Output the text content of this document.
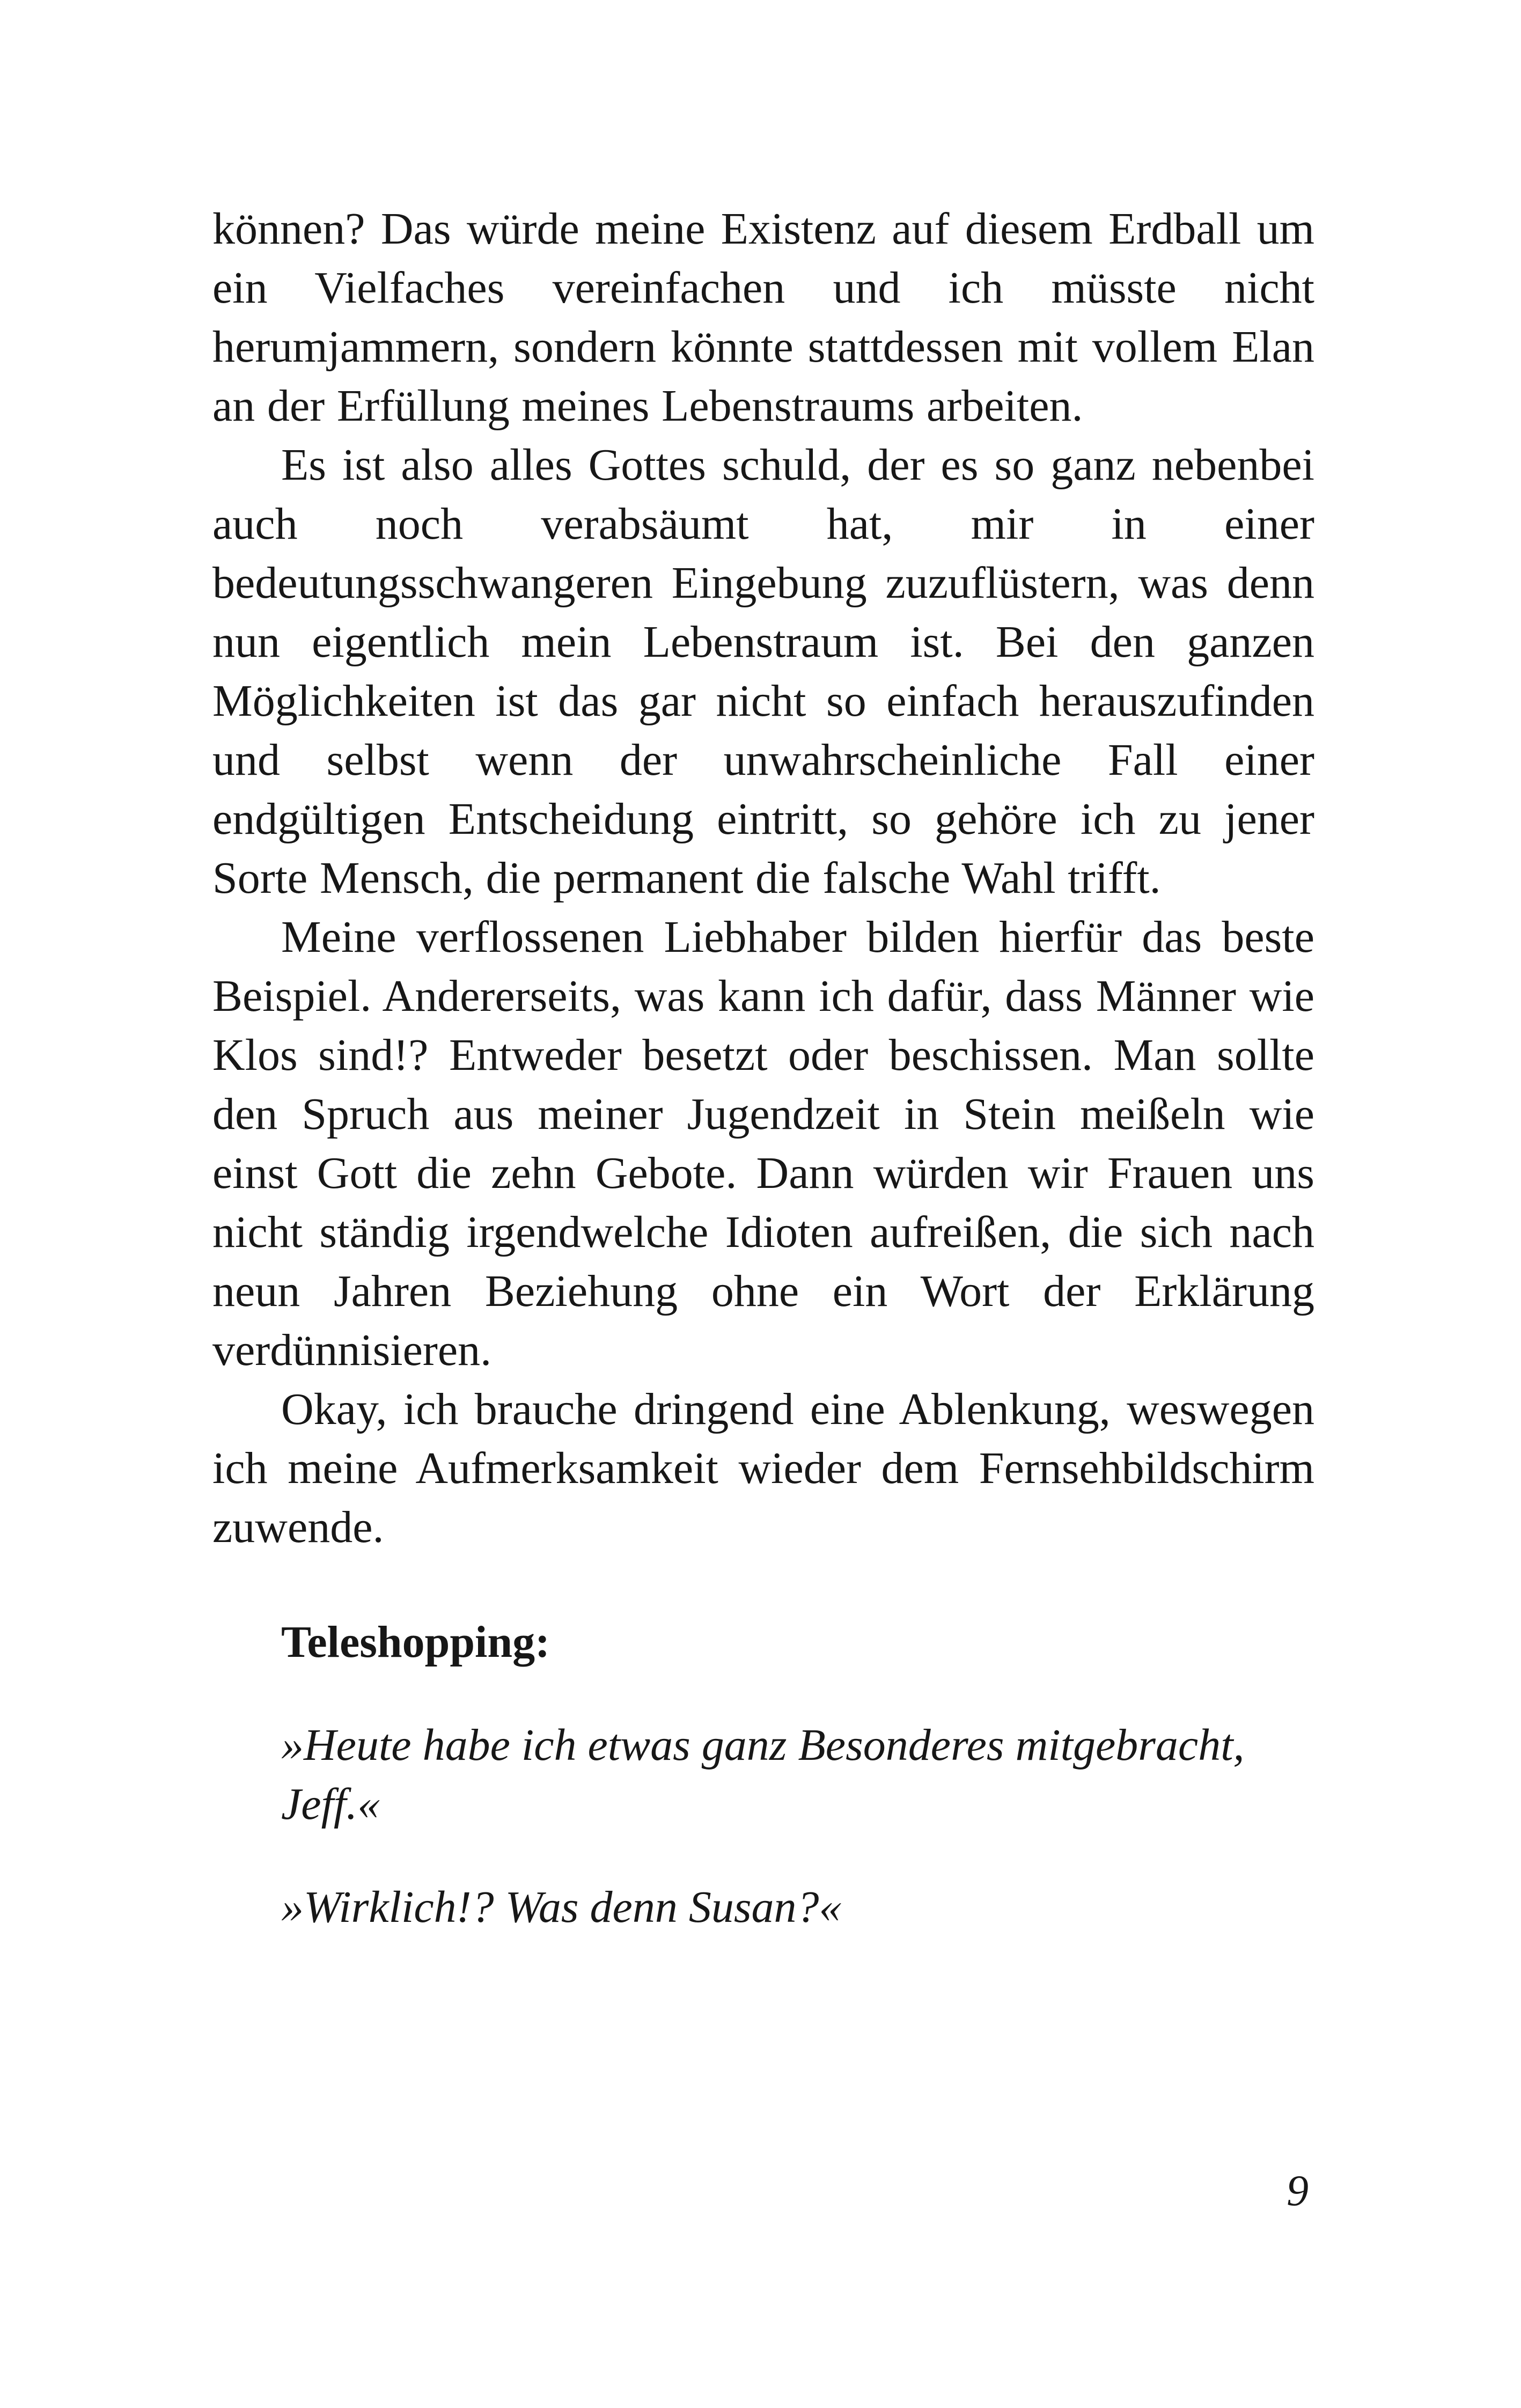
können? Das würde meine Existenz auf diesem Erdball um ein Vielfaches vereinfachen und ich müsste nicht herumjammern, sondern könnte stattdessen mit vollem Elan an der Erfüllung meines Lebenstraums arbeiten.

Es ist also alles Gottes schuld, der es so ganz nebenbei auch noch verabsäumt hat, mir in einer bedeutungsschwangeren Eingebung zuzuflüstern, was denn nun eigentlich mein Lebenstraum ist. Bei den ganzen Möglichkeiten ist das gar nicht so einfach herauszufinden und selbst wenn der unwahrscheinliche Fall einer endgültigen Entscheidung eintritt, so gehöre ich zu jener Sorte Mensch, die permanent die falsche Wahl trifft.

Meine verflossenen Liebhaber bilden hierfür das beste Beispiel. Andererseits, was kann ich dafür, dass Männer wie Klos sind!? Entweder besetzt oder beschissen. Man sollte den Spruch aus meiner Jugendzeit in Stein meißeln wie einst Gott die zehn Gebote. Dann würden wir Frauen uns nicht ständig irgendwelche Idioten aufreißen, die sich nach neun Jahren Beziehung ohne ein Wort der Erklärung verdünnisieren.

Okay, ich brauche dringend eine Ablenkung, weswegen ich meine Aufmerksamkeit wieder dem Fernsehbildschirm zuwende.

Teleshopping:

»Heute habe ich etwas ganz Besonderes mitgebracht, Jeff.«

»Wirklich!? Was denn Susan?«

9
